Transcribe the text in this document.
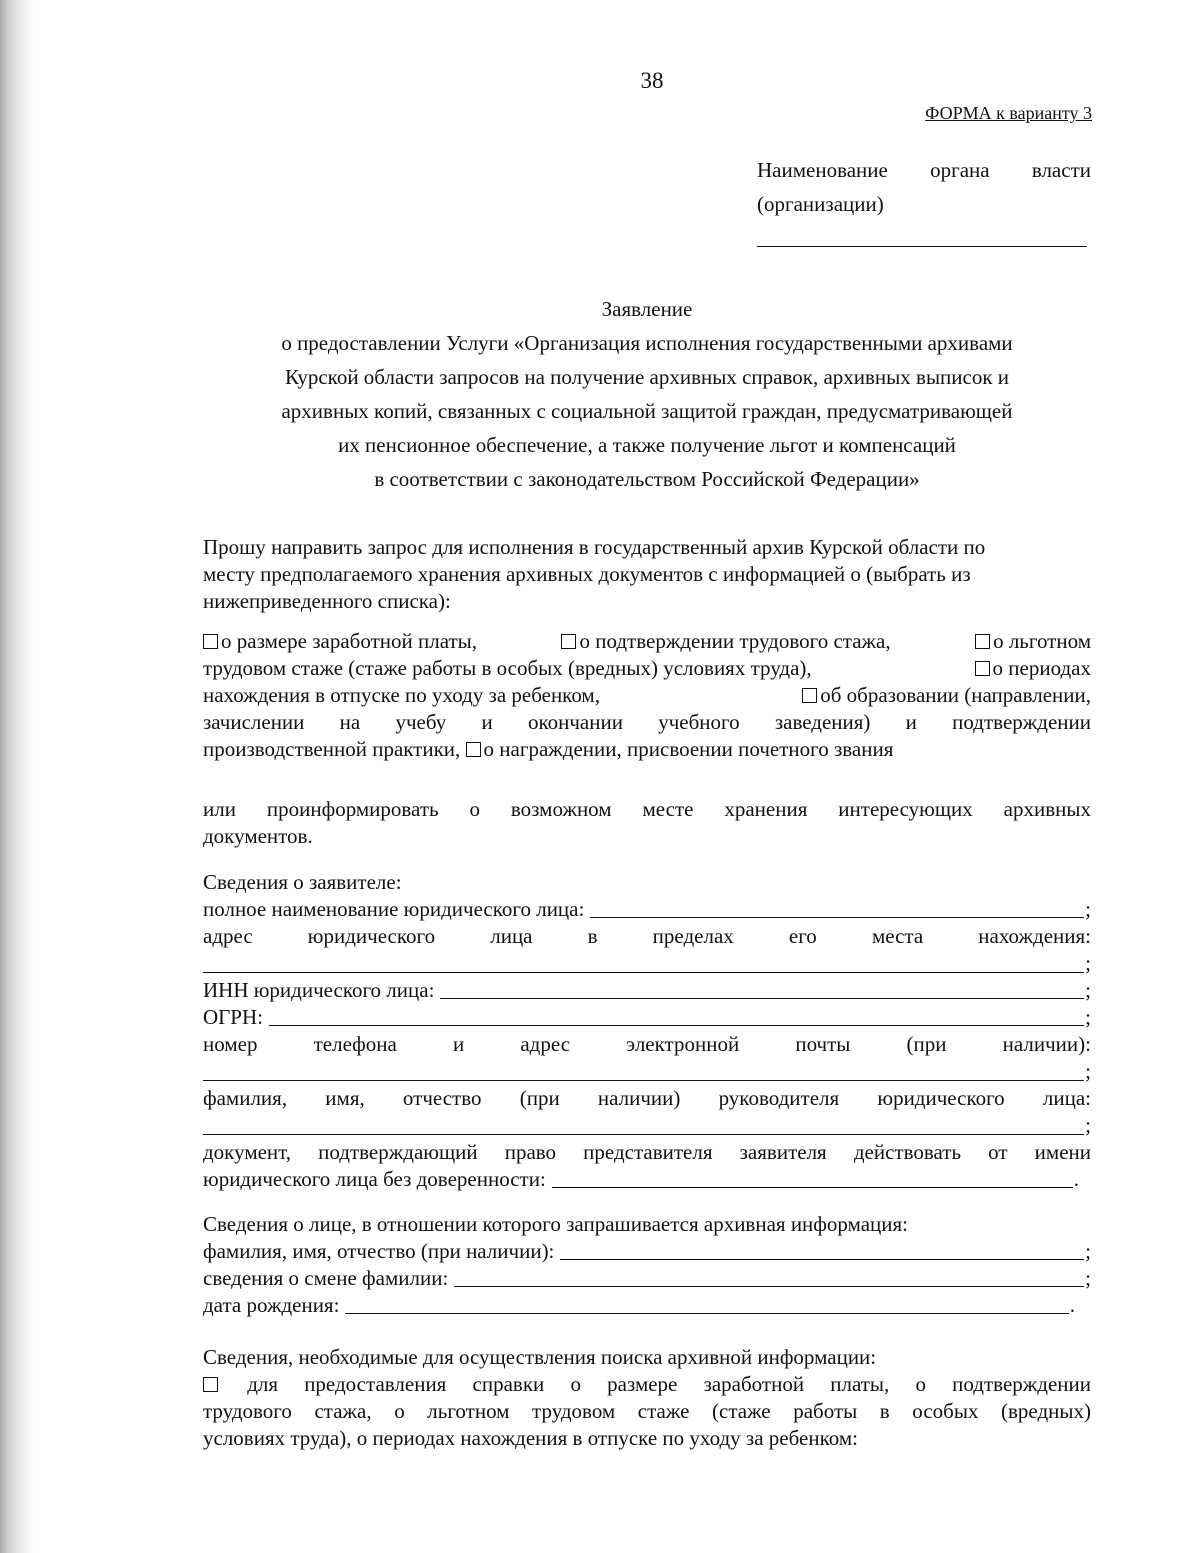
38
ФОРМА к варианту 3
Наименование органа власти
(организации)
Заявление
о предоставлении Услуги «Организация исполнения государственными архивами
Курской области запросов на получение архивных справок, архивных выписок и
архивных копий, связанных с социальной защитой граждан, предусматривающей
их пенсионное обеспечение, а также получение льгот и компенсаций
в соответствии с законодательством Российской Федерации»
Прошу направить запрос для исполнения в государственный архив Курской области по
месту предполагаемого хранения архивных документов с информацией о (выбрать из
нижеприведенного списка):
о размере заработной платы,	о подтверждении трудового стажа,	о льготном
трудовом стаже (стаже работы в особых (вредных) условиях труда),	о периодах
нахождения в отпуске по уходу за ребенком,	об образовании (направлении,
зачислении на учебу и окончании учебного заведения) и подтверждении
производственной практики, о награждении, присвоении почетного звания
или проинформировать о возможном месте хранения интересующих архивных
документов.
Сведения о заявителе:
полное наименование юридического лица:	;
адрес юридического лица в пределах его места нахождения:
;
ИНН юридического лица:	;
ОГРН:	;
номер телефона и адрес электронной почты (при наличии):
;
фамилия, имя, отчество (при наличии) руководителя юридического лица:
;
документ, подтверждающий право представителя заявителя действовать от имени
юридического лица без доверенности:	.
Сведения о лице, в отношении которого запрашивается архивная информация:
фамилия, имя, отчество (при наличии):	;
сведения о смене фамилии:	;
дата рождения:	.
Сведения, необходимые для осуществления поиска архивной информации:
для предоставления справки о размере заработной платы, о подтверждении
трудового стажа, о льготном трудовом стаже (стаже работы в особых (вредных)
условиях труда), о периодах нахождения в отпуске по уходу за ребенком:
